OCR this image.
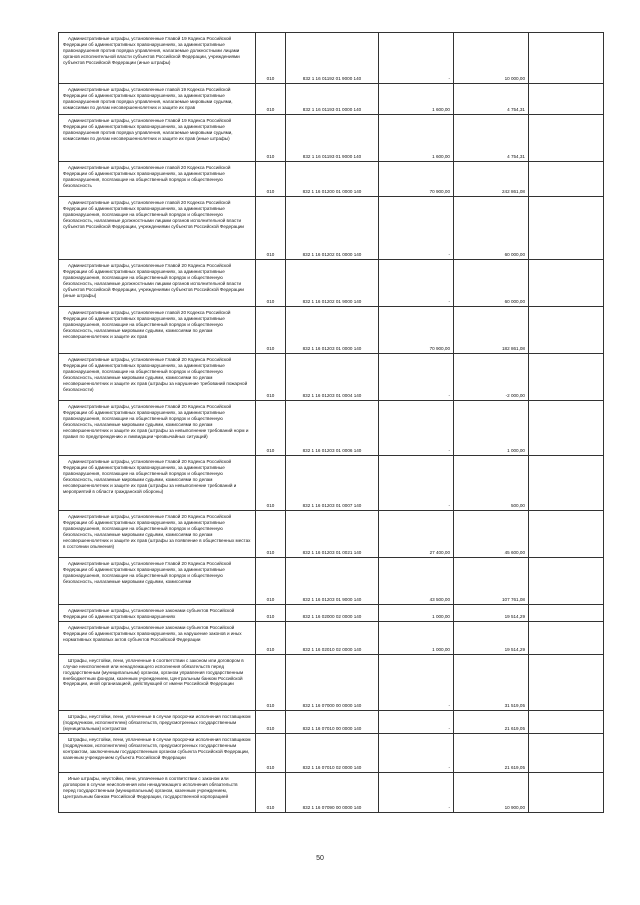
Административные штрафы, установленные Главой 19 Кодекса Российской Федерации об административных правонарушениях, за административные правонарушения против порядка управления, налагаемые должностными лицами органов исполнительной власти субъектов Российской Федерации, учреждениями субъектов Российской Федерации (иные штрафы)	010	832 1 16 01192 01 9000 140	-	10 000,00	

Административные штрафы, установленные главой 19 Кодекса Российской Федерации об административных правонарушениях, за административные правонарушения против порядка управления, налагаемые мировыми судьями, комиссиями по делам несовершеннолетних и защите их прав	010	832 1 16 01193 01 0000 140	1 600,00	4 754,31	

Административные штрафы, установленные Главой 19 Кодекса Российской Федерации об административных правонарушениях, за административные правонарушения против порядка управления, налагаемые мировыми судьями, комиссиями по делам несовершеннолетних и защите их прав (иные штрафы)	010	832 1 16 01193 01 9000 140	1 600,00	4 754,31	

Административные штрафы, установленные главой 20 Кодекса Российской Федерации об административных правонарушениях, за административные правонарушения, посягающие на общественный порядок и общественную безопасность	010	832 1 16 01200 01 0000 140	70 900,00	242 861,08	

Административные штрафы, установленные главой 20 Кодекса Российской Федерации об административных правонарушениях, за административные правонарушения, посягающие на общественный порядок и общественную безопасность, налагаемые должностными лицами органов исполнительной власти субъектов Российской Федерации, учреждениями субъектов Российской Федерации	010	832 1 16 01202 01 0000 140	-	60 000,00	

Административные штрафы, установленные Главой 20 Кодекса Российской Федерации об административных правонарушениях, за административные правонарушения, посягающие на общественный порядок и общественную безопасность, налагаемые должностными лицами органов исполнительной власти субъектов Российской Федерации, учреждениями субъектов Российской Федерации (иные штрафы)	010	832 1 16 01202 01 9000 140	-	60 000,00	

Административные штрафы, установленные главой 20 Кодекса Российской Федерации об административных правонарушениях, за административные правонарушения, посягающие на общественный порядок и общественную безопасность, налагаемые мировыми судьями, комиссиями по делам несовершеннолетних и защите их прав	010	832 1 16 01203 01 0000 140	70 900,00	182 861,08	

Административные штрафы, установленные Главой 20 Кодекса Российской Федерации об административных правонарушениях, за административные правонарушения, посягающие на общественный порядок и общественную безопасность, налагаемые мировыми судьями, комиссиями по делам несовершеннолетних и защите их прав (штрафы за нарушение требований пожарной безопасности)	010	832 1 16 01203 01 0004 140	-	-2 000,00	

Административные штрафы, установленные Главой 20 Кодекса Российской Федерации об административных правонарушениях, за административные правонарушения, посягающие на общественный порядок и общественную безопасность, налагаемые мировыми судьями, комиссиями по делам несовершеннолетних и защите их прав (штрафы за невыполнение требований норм и правил по предупреждению и ликвидации чрезвычайных ситуаций)	010	832 1 16 01203 01 0006 140	-	1 000,00	

Административные штрафы, установленные Главой 20 Кодекса Российской Федерации об административных правонарушениях, за административные правонарушения, посягающие на общественный порядок и общественную безопасность, налагаемые мировыми судьями, комиссиями по делам несовершеннолетних и защите их прав (штрафы за невыполнение требований и мероприятий в области гражданской обороны)	010	832 1 16 01203 01 0007 140	-	500,00	

Административные штрафы, установленные Главой 20 Кодекса Российской Федерации об административных правонарушениях, за административные правонарушения, посягающие на общественный порядок и общественную безопасность, налагаемые мировыми судьями, комиссиями по делам несовершеннолетних и защите их прав (штрафы за появление в общественных местах в состоянии опьянения)	010	832 1 16 01203 01 0021 140	27 400,00	45 600,00	

Административные штрафы, установленные Главой 20 Кодекса Российской Федерации об административных правонарушениях, за административные правонарушения, посягающие на общественный порядок и общественную безопасность, налагаемые мировыми судьями, комиссиями	010	832 1 16 01203 01 9000 140	43 500,00	107 761,08	

Административные штрафы, установленные законами субъектов Российской Федерации об административных правонарушениях	010	832 1 16 02000 02 0000 140	1 000,00	19 514,29	

Административные штрафы, установленные законами субъектов Российской Федерации об административных правонарушениях, за нарушение законов и иных нормативных правовых актов субъектов Российской Федерации	010	832 1 16 02010 02 0000 140	1 000,00	19 514,29	

Штрафы, неустойки, пени, уплаченные в соответствии с законом или договором в случае неисполнения или ненадлежащего исполнения обязательств перед государственным (муниципальным) органом, органом управления государственным внебюджетным фондом, казенным учреждением, Центральным банком Российской Федерации, иной организацией, действующей от имени Российской Федерации	010	832 1 16 07000 00 0000 140	-	31 519,05	

Штрафы, неустойки, пени, уплаченные в случае просрочки исполнения поставщиком (подрядчиком, исполнителем) обязательств, предусмотренных государственным (муниципальным) контрактом	010	832 1 16 07010 00 0000 140	-	21 619,05	

Штрафы, неустойки, пени, уплаченные в случае просрочки исполнения поставщиком (подрядчиком, исполнителем) обязательств, предусмотренных государственным контрактом, заключенным государственным органом субъекта Российской Федерации, казенным учреждением субъекта Российской Федерации	010	832 1 16 07010 02 0000 140	-	21 619,05	

Иные штрафы, неустойки, пени, уплаченные в соответствии с законом или договором в случае неисполнения или ненадлежащего исполнения обязательств перед государственным (муниципальным) органом, казенным учреждением, Центральным банком Российской Федерации, государственной корпорацией	010	832 1 16 07090 00 0000 140	-	10 900,00	
50
